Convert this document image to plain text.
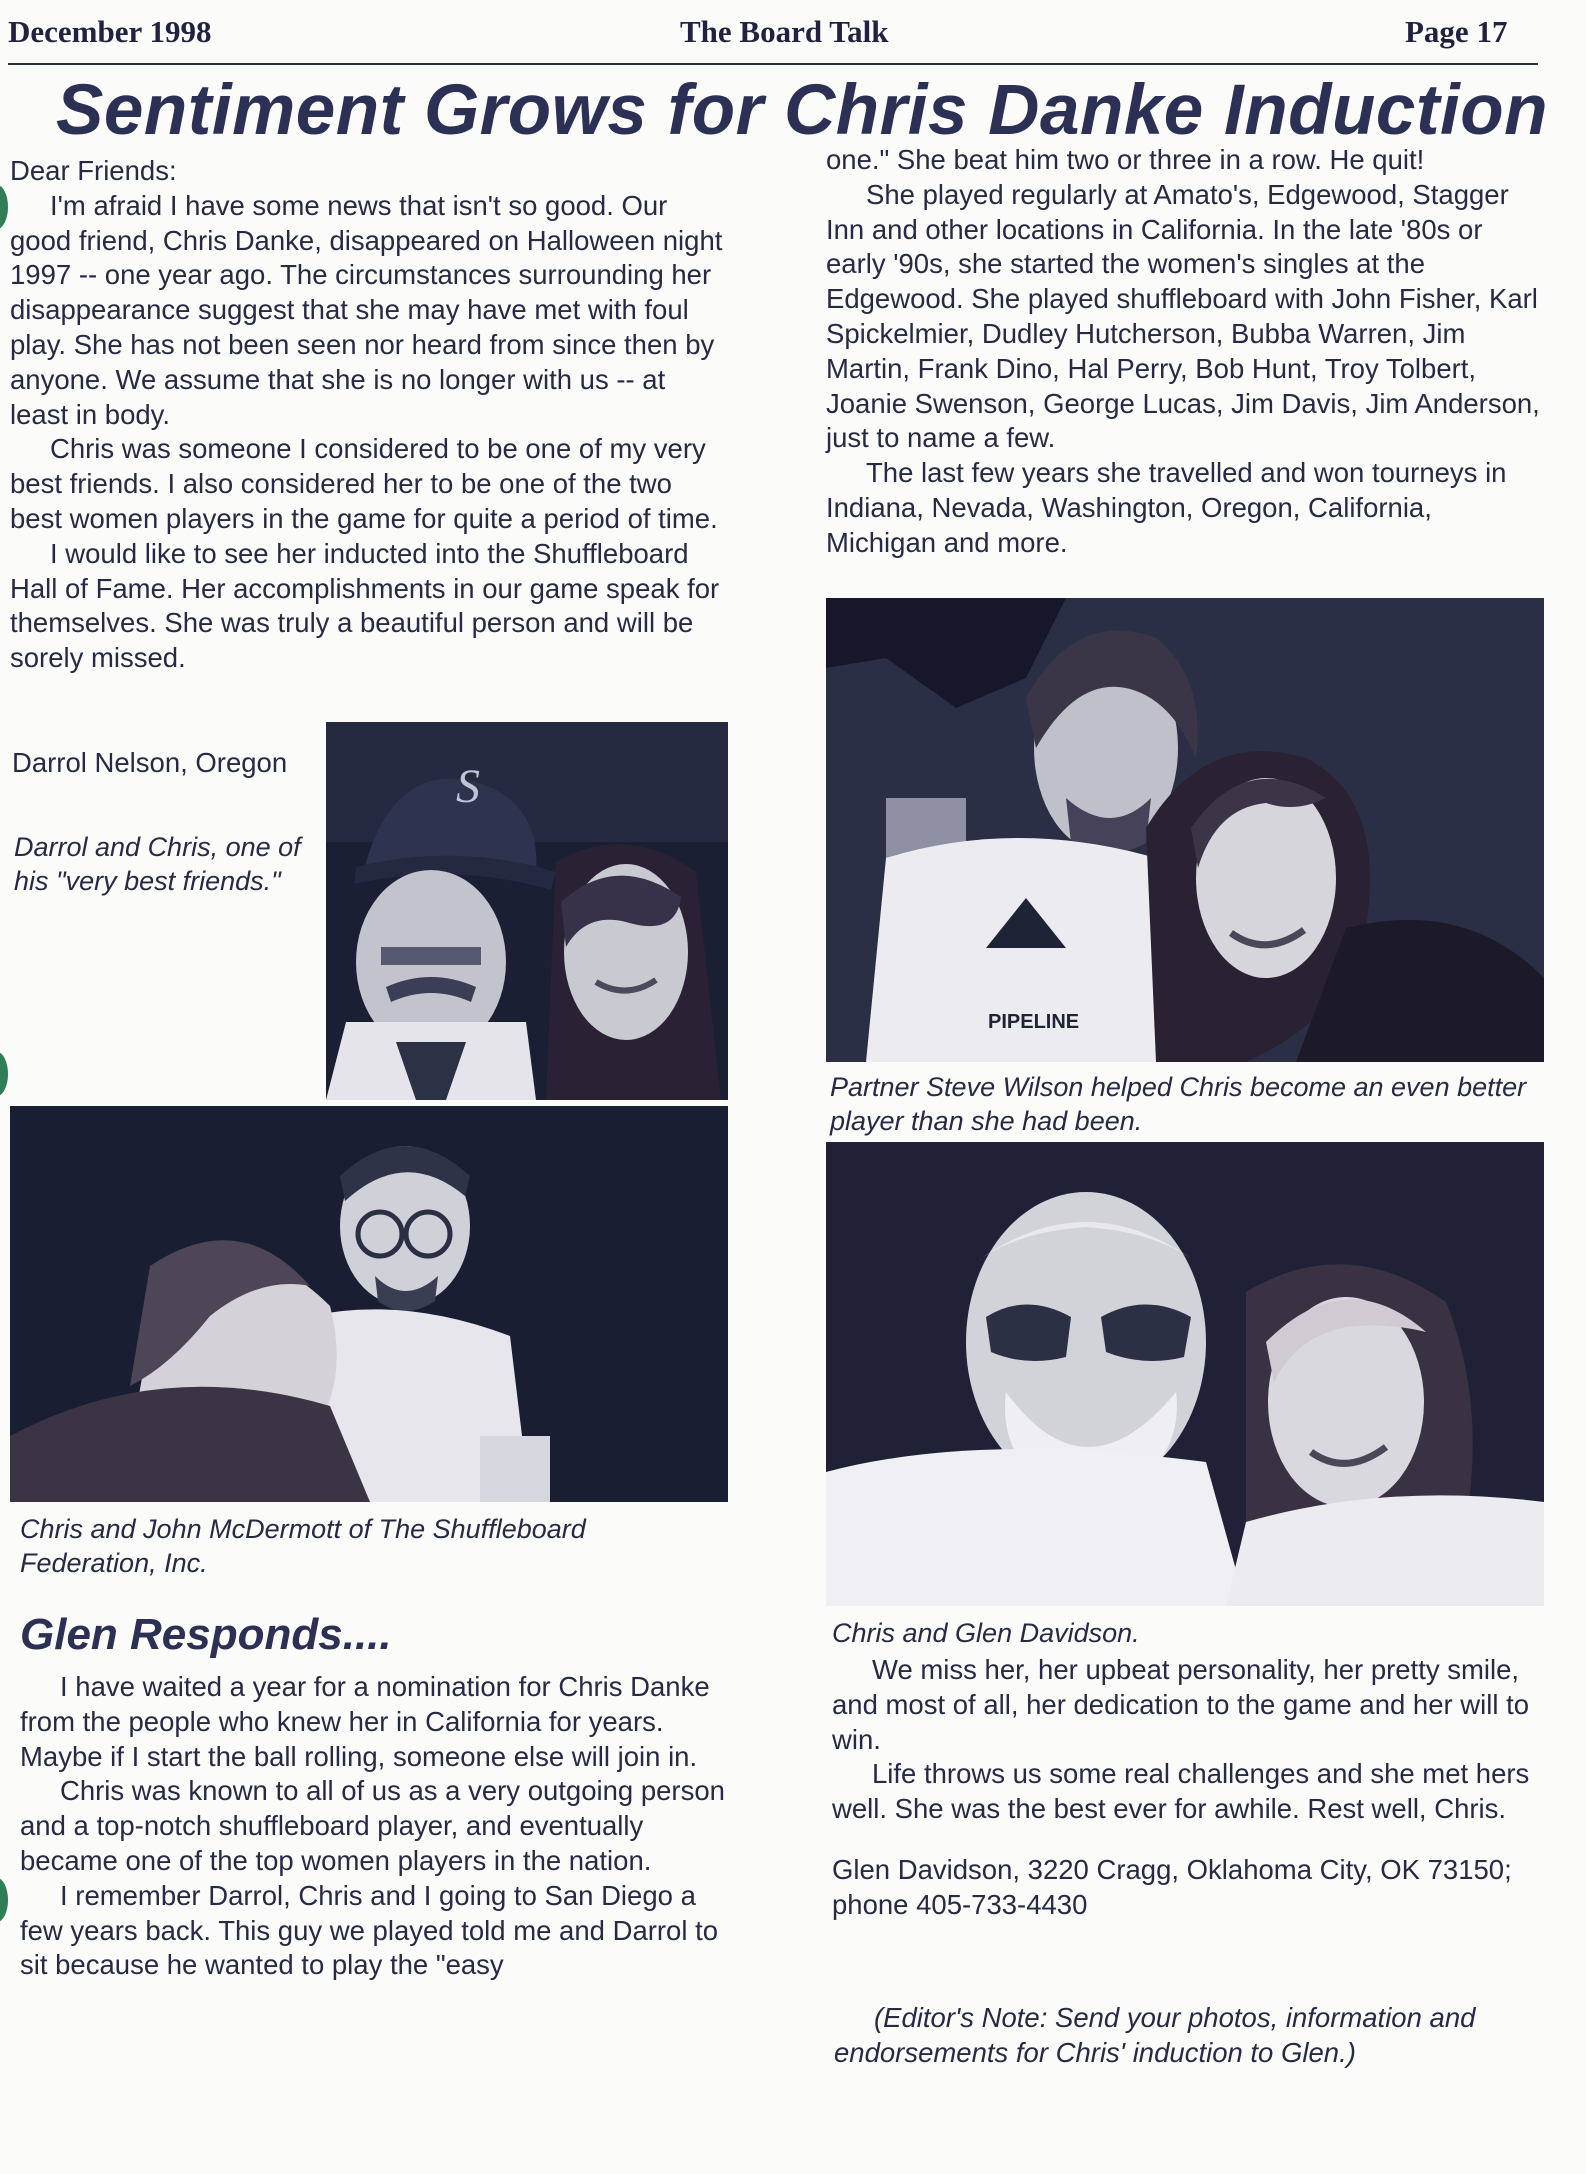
December 1998	The Board Talk	Page 17
Sentiment Grows for Chris Danke Induction

Dear Friends:

I'm afraid I have some news that isn't so good. Our good friend, Chris Danke, disappeared on Halloween night 1997 -- one year ago. The circumstances surrounding her disappearance suggest that she may have met with foul play. She has not been seen nor heard from since then by anyone. We assume that she is no longer with us -- at least in body.

Chris was someone I considered to be one of my very best friends. I also considered her to be one of the two best women players in the game for quite a period of time.

I would like to see her inducted into the Shuffleboard Hall of Fame. Her accomplishments in our game speak for themselves. She was truly a beautiful person and will be sorely missed.

Darrol Nelson, Oregon
Darrol and Chris, one of his "very best friends."
S
Chris and John McDermott of The Shuffleboard Federation, Inc.
Glen Responds....

I have waited a year for a nomination for Chris Danke from the people who knew her in California for years. Maybe if I start the ball rolling, someone else will join in.

Chris was known to all of us as a very outgoing person and a top-notch shuffleboard player, and eventually became one of the top women players in the nation.

I remember Darrol, Chris and I going to San Diego a few years back. This guy we played told me and Darrol to sit because he wanted to play the "easy

one." She beat him two or three in a row. He quit!

She played regularly at Amato's, Edgewood, Stagger Inn and other locations in California. In the late '80s or early '90s, she started the women's singles at the Edgewood. She played shuffleboard with John Fisher, Karl Spickelmier, Dudley Hutcherson, Bubba Warren, Jim Martin, Frank Dino, Hal Perry, Bob Hunt, Troy Tolbert, Joanie Swenson, George Lucas, Jim Davis, Jim Anderson, just to name a few.

The last few years she travelled and won tourneys in Indiana, Nevada, Washington, Oregon, California, Michigan and more.

PIPELINE
Partner Steve Wilson helped Chris become an even better player than she had been.
Chris and Glen Davidson.

We miss her, her upbeat personality, her pretty smile, and most of all, her dedication to the game and her will to win.

Life throws us some real challenges and she met hers well. She was the best ever for awhile. Rest well, Chris.

Glen Davidson, 3220 Cragg, Oklahoma City, OK 73150; phone 405-733-4430
(Editor's Note: Send your photos, information and endorsements for Chris' induction to Glen.)
